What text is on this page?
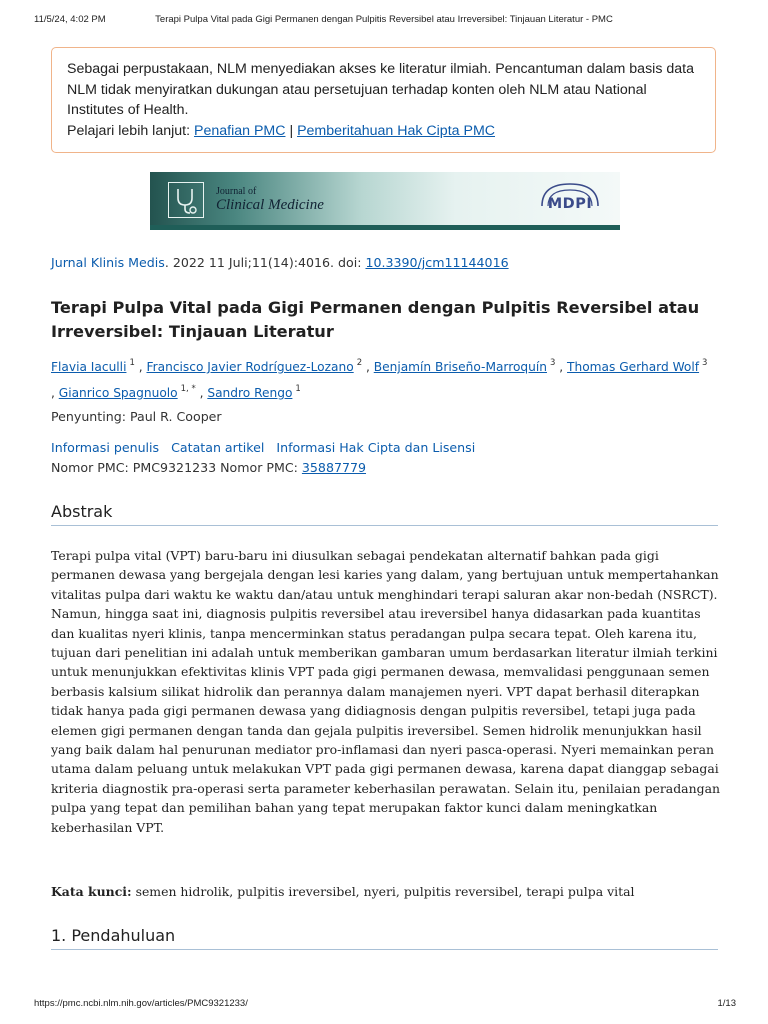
11/5/24, 4:02 PM	Terapi Pulpa Vital pada Gigi Permanen dengan Pulpitis Reversibel atau Irreversibel: Tinjauan Literatur - PMC
Sebagai perpustakaan, NLM menyediakan akses ke literatur ilmiah. Pencantuman dalam basis data NLM tidak menyiratkan dukungan atau persetujuan terhadap konten oleh NLM atau National Institutes of Health.
Pelajari lebih lanjut: Penafian PMC | Pemberitahuan Hak Cipta PMC
Journal of
Clinical Medicine	MDPI
Jurnal Klinis Medis. 2022 11 Juli;11(14):4016. doi: 10.3390/jcm11144016
Terapi Pulpa Vital pada Gigi Permanen dengan Pulpitis Reversibel atau Irreversibel: Tinjauan Literatur
Flavia Iaculli $^1$ , Francisco Javier Rodríguez-Lozano $^2$ , Benjamín Briseño-Marroquín $^3$ , Thomas Gerhard Wolf $^3$
, Gianrico Spagnuolo $^{1, *}$ , Sandro Rengo $^1$
Penyunting: Paul R. Cooper
Informasi penulis Catatan artikel Informasi Hak Cipta dan Lisensi
Nomor PMC: PMC9321233 Nomor PMC: 35887779
Abstrak
Terapi pulpa vital (VPT) baru-baru ini diusulkan sebagai pendekatan alternatif bahkan pada gigi permanen dewasa yang bergejala dengan lesi karies yang dalam, yang bertujuan untuk mempertahankan vitalitas pulpa dari waktu ke waktu dan/atau untuk menghindari terapi saluran akar non-bedah (NSRCT). Namun, hingga saat ini, diagnosis pulpitis reversibel atau ireversibel hanya didasarkan pada kuantitas dan kualitas nyeri klinis, tanpa mencerminkan status peradangan pulpa secara tepat. Oleh karena itu, tujuan dari penelitian ini adalah untuk memberikan gambaran umum berdasarkan literatur ilmiah terkini untuk menunjukkan efektivitas klinis VPT pada gigi permanen dewasa, memvalidasi penggunaan semen berbasis kalsium silikat hidrolik dan perannya dalam manajemen nyeri. VPT dapat berhasil diterapkan tidak hanya pada gigi permanen dewasa yang didiagnosis dengan pulpitis reversibel, tetapi juga pada elemen gigi permanen dengan tanda dan gejala pulpitis ireversibel. Semen hidrolik menunjukkan hasil yang baik dalam hal penurunan mediator pro-inflamasi dan nyeri pasca-operasi. Nyeri memainkan peran utama dalam peluang untuk melakukan VPT pada gigi permanen dewasa, karena dapat dianggap sebagai kriteria diagnostik pra-operasi serta parameter keberhasilan perawatan. Selain itu, penilaian peradangan pulpa yang tepat dan pemilihan bahan yang tepat merupakan faktor kunci dalam meningkatkan keberhasilan VPT.
Kata kunci: semen hidrolik, pulpitis ireversibel, nyeri, pulpitis reversibel, terapi pulpa vital
1. Pendahuluan
https://pmc.ncbi.nlm.nih.gov/articles/PMC9321233/	1/13
